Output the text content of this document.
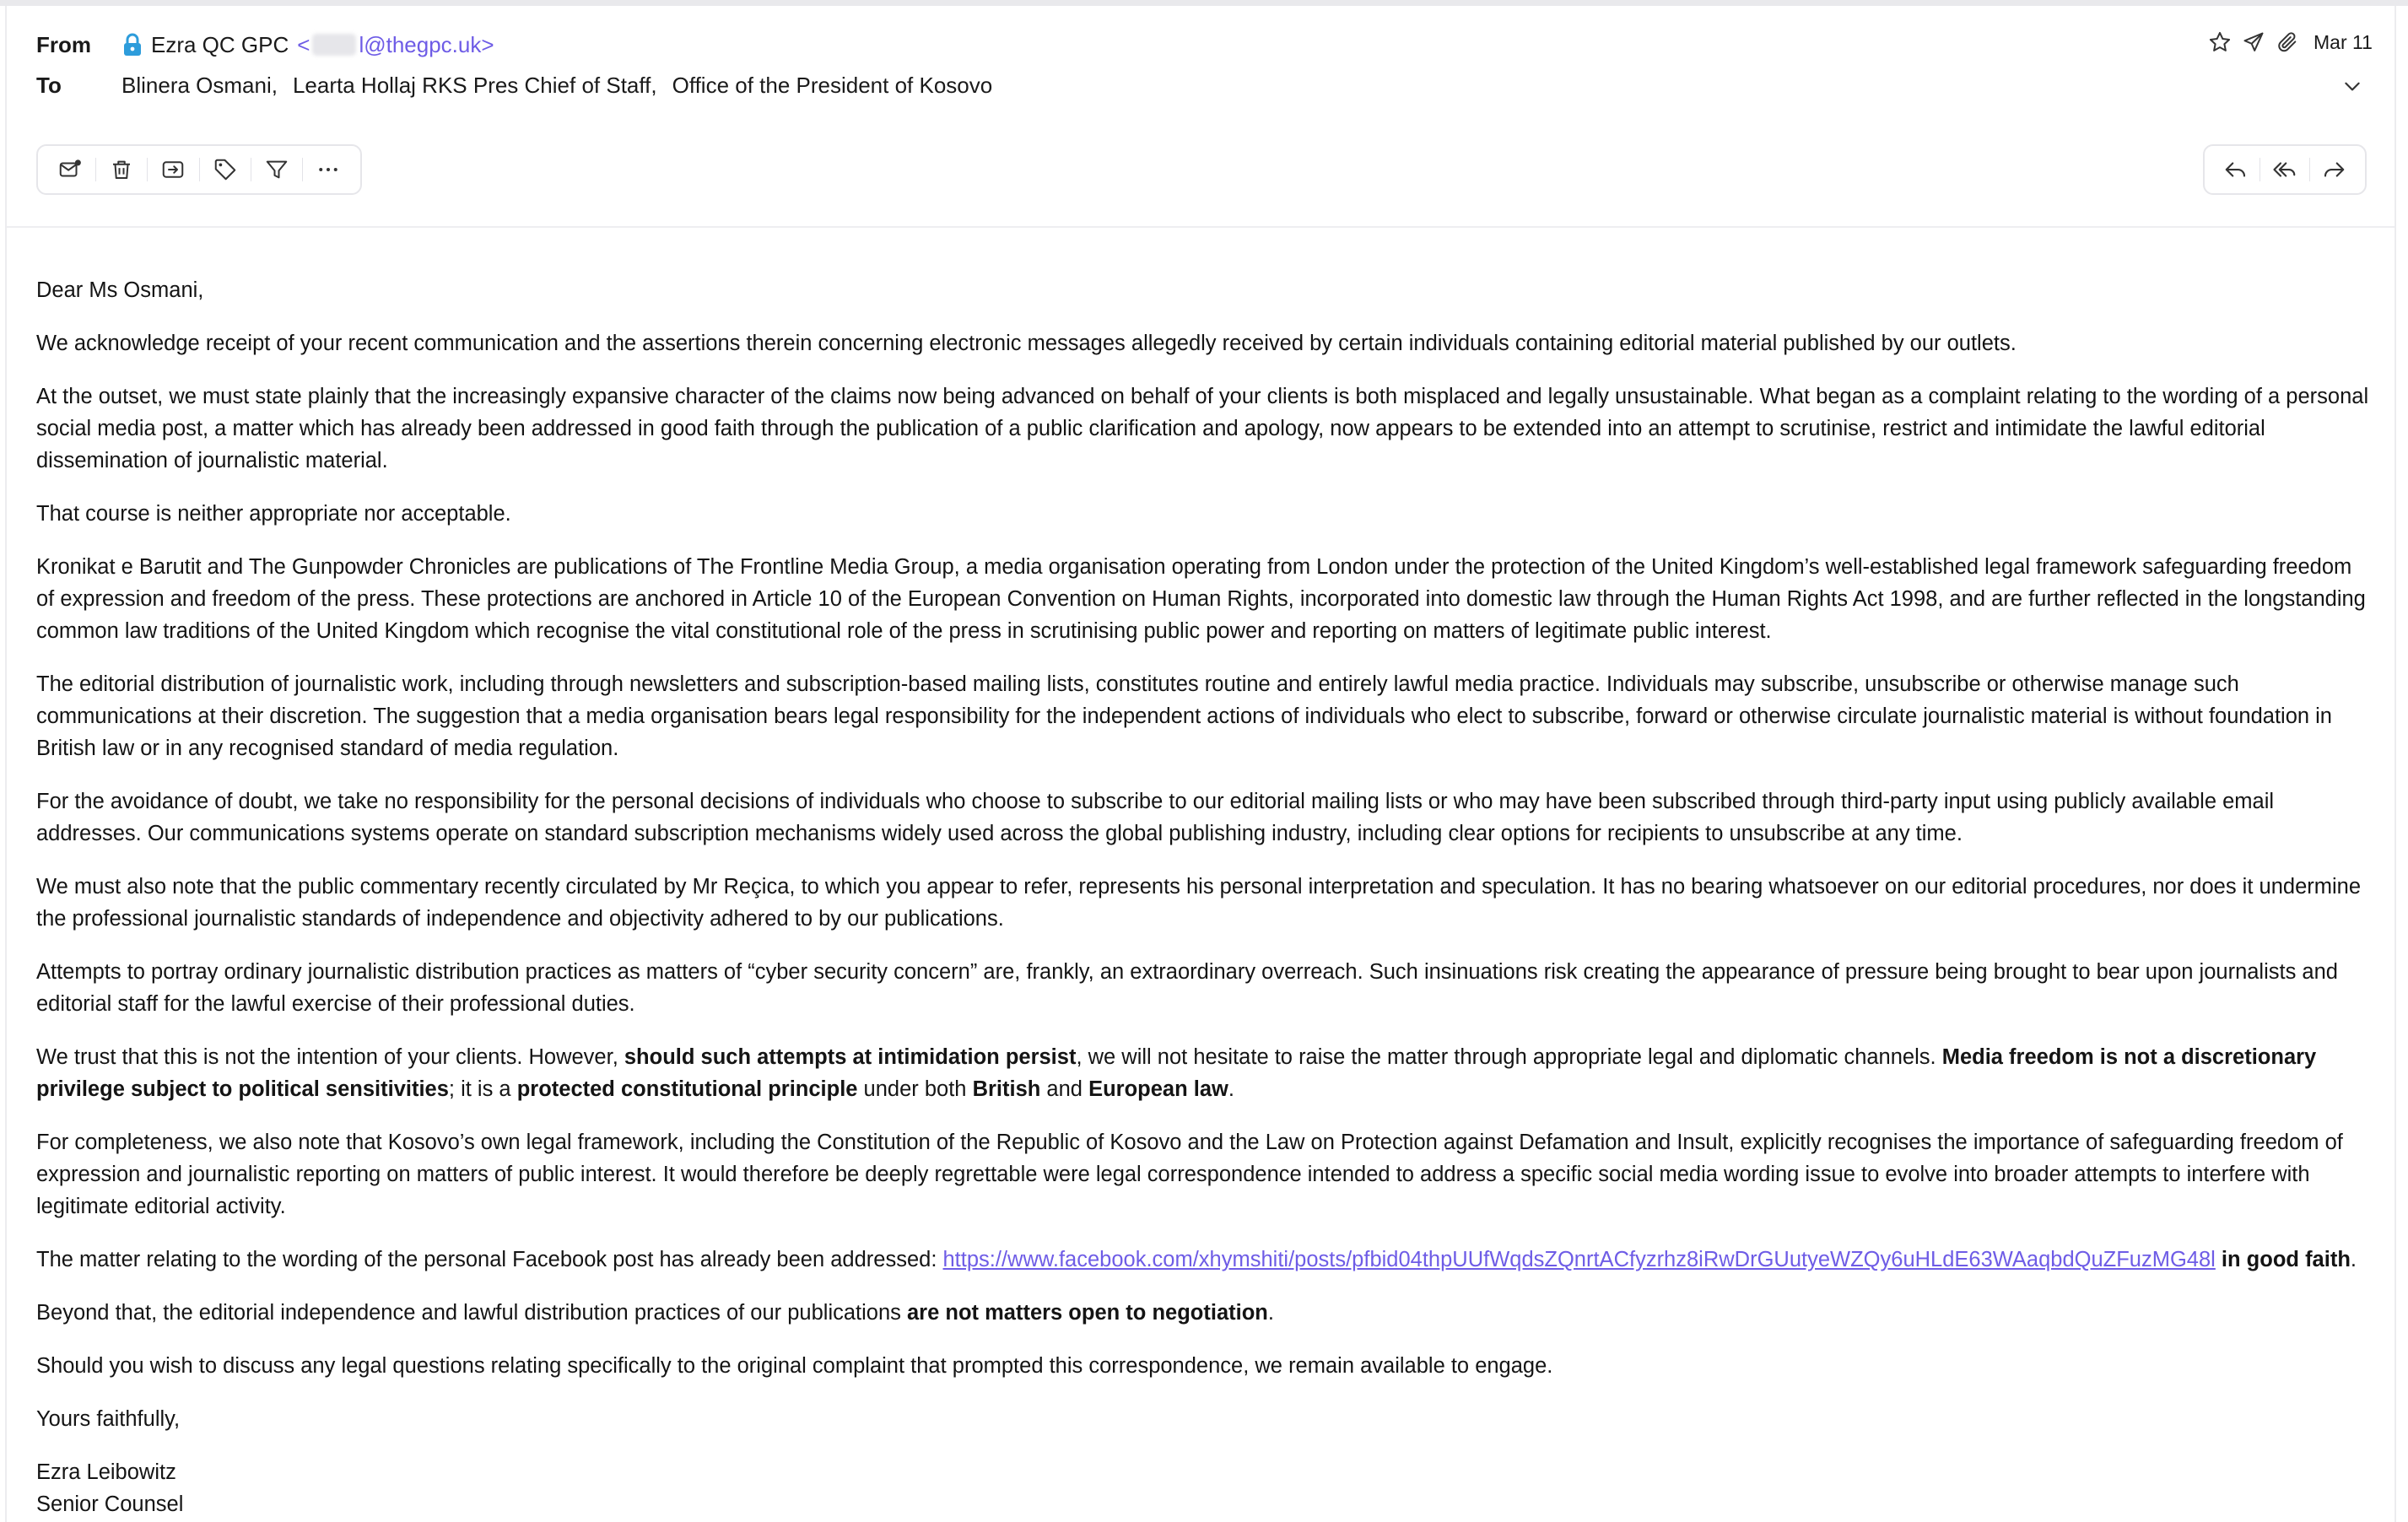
From	Ezra QC GPC < l@thegpc.uk>
To	Blinera Osmani, Learta Hollaj RKS Pres Chief of Staff, Office of the President of Kosovo
Mar 11

Dear Ms Osmani,

We acknowledge receipt of your recent communication and the assertions therein concerning electronic messages allegedly received by certain individuals containing editorial material published by our outlets.

At the outset, we must state plainly that the increasingly expansive character of the claims now being advanced on behalf of your clients is both misplaced and legally unsustainable. What began as a complaint relating to the wording of a personal social media post, a matter which has already been addressed in good faith through the publication of a public clarification and apology, now appears to be extended into an attempt to scrutinise, restrict and intimidate the lawful editorial dissemination of journalistic material.

That course is neither appropriate nor acceptable.

Kronikat e Barutit and The Gunpowder Chronicles are publications of The Frontline Media Group, a media organisation operating from London under the protection of the United Kingdom’s well-established legal framework safeguarding freedom of expression and freedom of the press. These protections are anchored in Article 10 of the European Convention on Human Rights, incorporated into domestic law through the Human Rights Act 1998, and are further reflected in the longstanding common law traditions of the United Kingdom which recognise the vital constitutional role of the press in scrutinising public power and reporting on matters of legitimate public interest.

The editorial distribution of journalistic work, including through newsletters and subscription-based mailing lists, constitutes routine and entirely lawful media practice. Individuals may subscribe, unsubscribe or otherwise manage such communications at their discretion. The suggestion that a media organisation bears legal responsibility for the independent actions of individuals who elect to subscribe, forward or otherwise circulate journalistic material is without foundation in British law or in any recognised standard of media regulation.

For the avoidance of doubt, we take no responsibility for the personal decisions of individuals who choose to subscribe to our editorial mailing lists or who may have been subscribed through third-party input using publicly available email addresses. Our communications systems operate on standard subscription mechanisms widely used across the global publishing industry, including clear options for recipients to unsubscribe at any time.

We must also note that the public commentary recently circulated by Mr Reçica, to which you appear to refer, represents his personal interpretation and speculation. It has no bearing whatsoever on our editorial procedures, nor does it undermine the professional journalistic standards of independence and objectivity adhered to by our publications.

Attempts to portray ordinary journalistic distribution practices as matters of “cyber security concern” are, frankly, an extraordinary overreach. Such insinuations risk creating the appearance of pressure being brought to bear upon journalists and editorial staff for the lawful exercise of their professional duties.

We trust that this is not the intention of your clients. However, should such attempts at intimidation persist, we will not hesitate to raise the matter through appropriate legal and diplomatic channels. Media freedom is not a discretionary privilege subject to political sensitivities; it is a protected constitutional principle under both British and European law.

For completeness, we also note that Kosovo’s own legal framework, including the Constitution of the Republic of Kosovo and the Law on Protection against Defamation and Insult, explicitly recognises the importance of safeguarding freedom of expression and journalistic reporting on matters of public interest. It would therefore be deeply regrettable were legal correspondence intended to address a specific social media wording issue to evolve into broader attempts to interfere with legitimate editorial activity.

The matter relating to the wording of the personal Facebook post has already been addressed: https://www.facebook.com/xhymshiti/posts/pfbid04thpUUfWqdsZQnrtACfyzrhz8iRwDrGUutyeWZQy6uHLdE63WAaqbdQuZFuzMG48l in good faith.

Beyond that, the editorial independence and lawful distribution practices of our publications are not matters open to negotiation.

Should you wish to discuss any legal questions relating specifically to the original complaint that prompted this correspondence, we remain available to engage.

Yours faithfully,

Ezra Leibowitz

Senior Counsel
